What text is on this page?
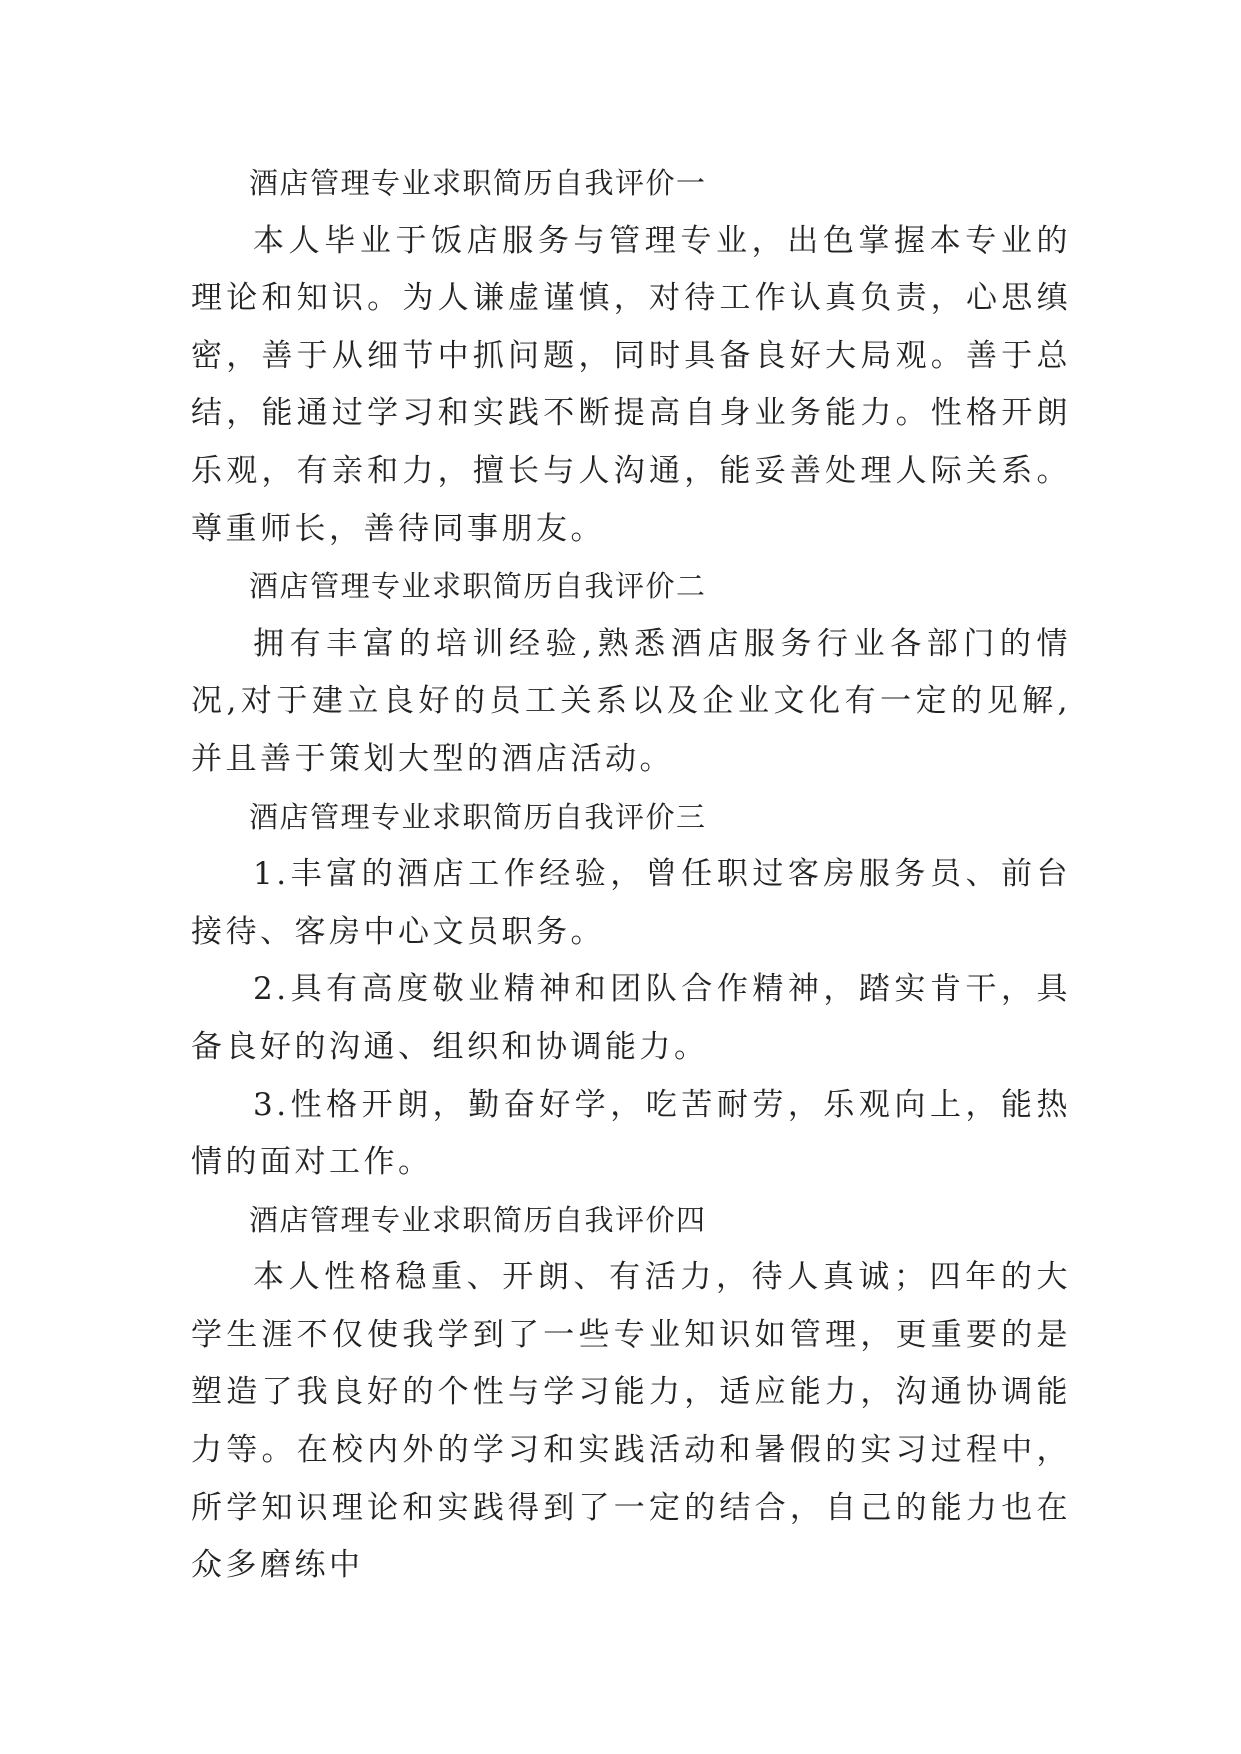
酒店管理专业求职简历自我评价一

本人毕业于饭店服务与管理专业，出色掌握本专业的理论和知识。为人谦虚谨慎，对待工作认真负责，心思缜密，善于从细节中抓问题，同时具备良好大局观。善于总结，能通过学习和实践不断提高自身业务能力。性格开朗乐观，有亲和力，擅长与人沟通，能妥善处理人际关系。尊重师长，善待同事朋友。

酒店管理专业求职简历自我评价二

拥有丰富的培训经验,熟悉酒店服务行业各部门的情况,对于建立良好的员工关系以及企业文化有一定的见解,并且善于策划大型的酒店活动。

酒店管理专业求职简历自我评价三

1.丰富的酒店工作经验，曾任职过客房服务员、前台接待、客房中心文员职务。

2.具有高度敬业精神和团队合作精神，踏实肯干，具备良好的沟通、组织和协调能力。

3.性格开朗，勤奋好学，吃苦耐劳，乐观向上，能热情的面对工作。

酒店管理专业求职简历自我评价四

本人性格稳重、开朗、有活力，待人真诚；四年的大学生涯不仅使我学到了一些专业知识如管理，更重要的是塑造了我良好的个性与学习能力，适应能力，沟通协调能力等。在校内外的学习和实践活动和暑假的实习过程中，所学知识理论和实践得到了一定的结合，自己的能力也在众多磨练中
